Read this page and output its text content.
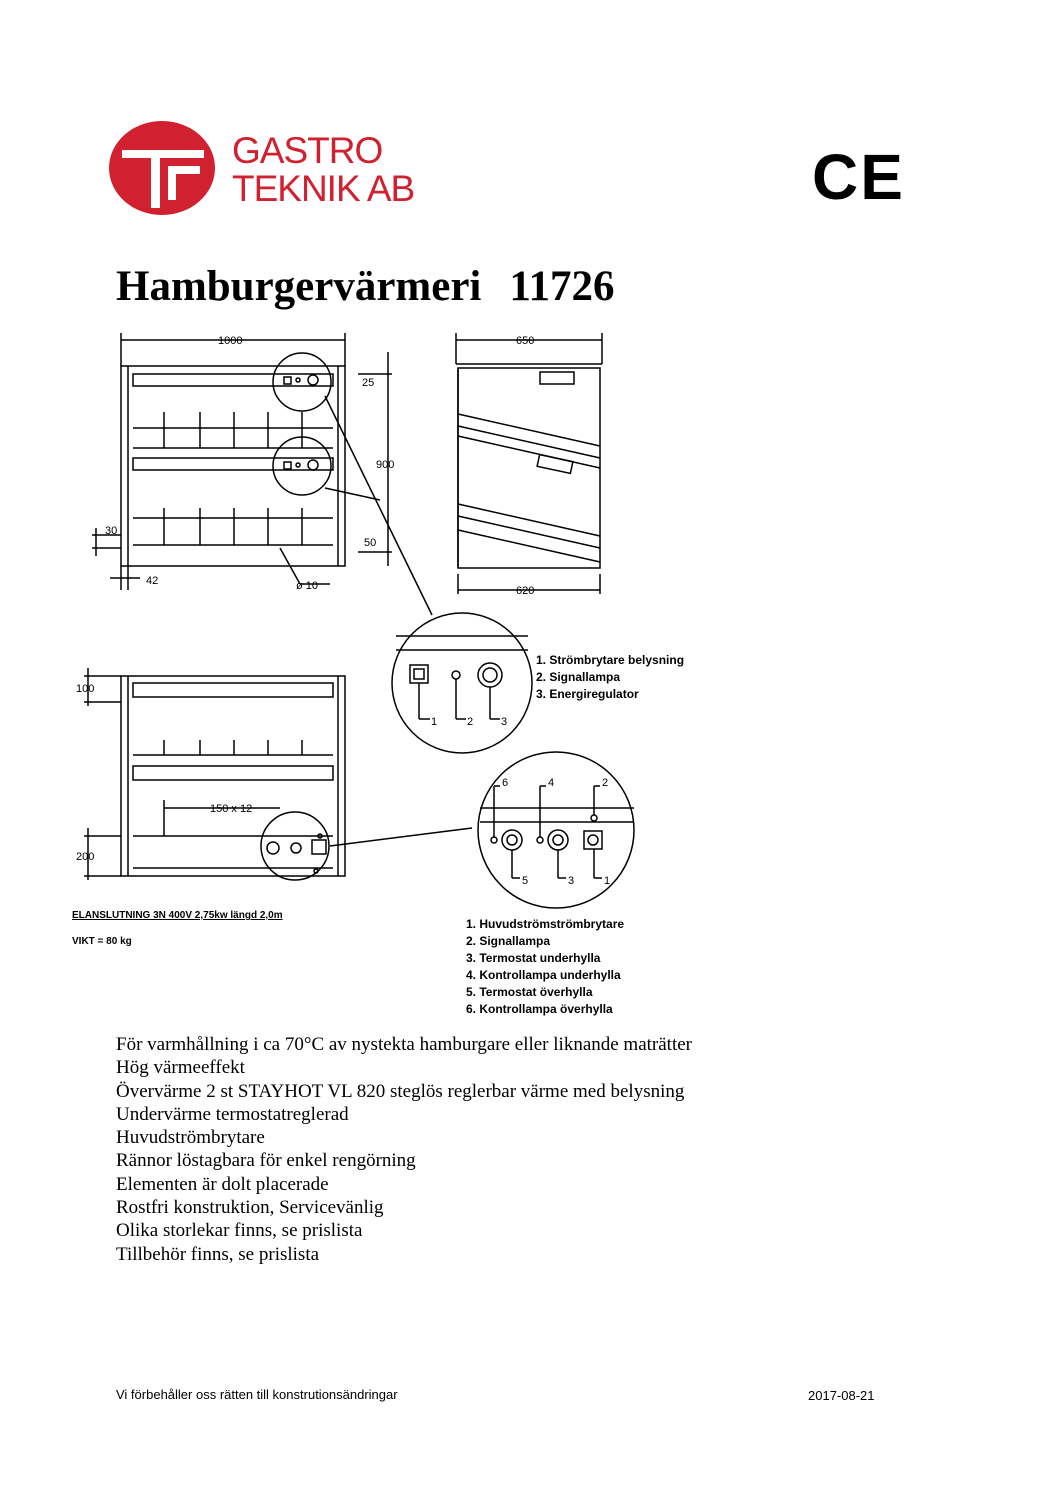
GASTRO
TEKNIK AB	CE
Hamburgervärmeri 11726
1000
25
900
50
30
42	ø 10
650
620
100
200
150 x 12
1	2	3
6	4	2
5	3	1
1. Strömbrytare belysning
2. Signallampa
3. Energiregulator
1. Huvudströmströmbrytare
2. Signallampa
3. Termostat underhylla
4. Kontrollampa underhylla
5. Termostat överhylla
6. Kontrollampa överhylla
ELANSLUTNING 3N 400V 2,75kw längd 2,0m
VIKT = 80 kg
För varmhållning i ca 70°C av nystekta hamburgare eller liknande maträtter
Hög värmeeffekt
Övervärme 2 st STAYHOT VL 820 steglös reglerbar värme med belysning
Undervärme termostatreglerad
Huvudströmbrytare
Rännor löstagbara för enkel rengörning
Elementen är dolt placerade
Rostfri konstruktion, Servicevänlig
Olika storlekar finns, se prislista
Tillbehör finns, se prislista
Vi förbehåller oss rätten till konstrutionsändringar	2017-08-21
